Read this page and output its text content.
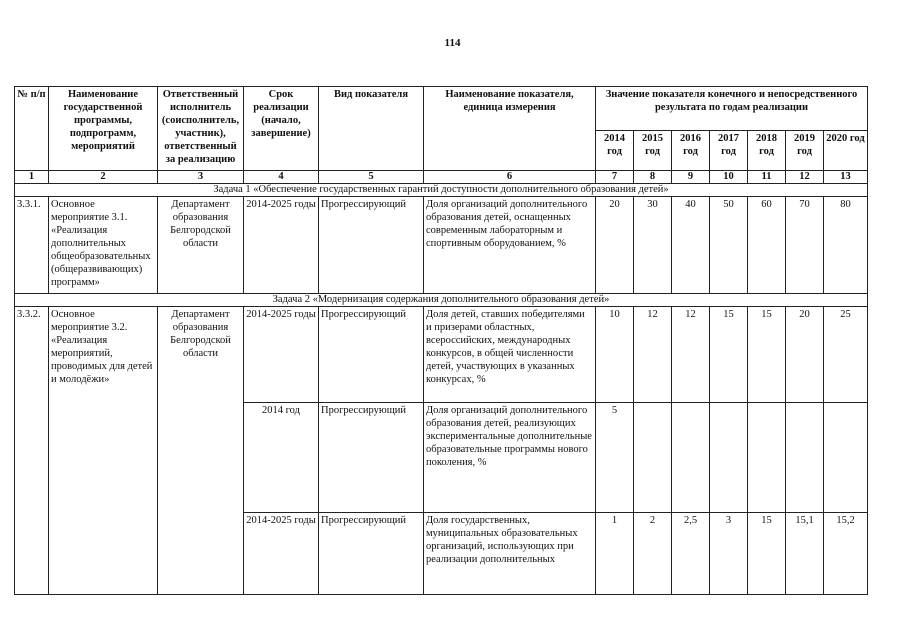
114
№ п/п	Наименование государственной программы, подпрограмм, мероприятий	Ответственный исполнитель (соисполнитель, участник), ответственный за реализацию	Срок реализации (начало, завершение)	Вид показателя	Наименование показателя, единица измерения	Значение показателя конечного и непосредственного результата по годам реализации						
						2014 год	2015 год	2016 год	2017 год	2018 год	2019 год	2020 год
1	2	3	4	5	6	7	8	9	10	11	12	13
Задача 1 «Обеспечение государственных гарантий доступности дополнительного образования детей»												
3.3.1.	Основное мероприятие 3.1. «Реализация дополнительных общеобразовательных (общеразвивающих) программ»	Департамент образования Белгородской области	2014-2025 годы	Прогрессирующий	Доля организаций дополнительного образования детей, оснащенных современным лабораторным и спортивным оборудованием, %	20	30	40	50	60	70	80
Задача 2 «Модернизация содержания дополнительного образования детей»												
3.3.2.	Основное мероприятие 3.2. «Реализация мероприятий, проводимых для детей и молодёжи»	Департамент образования Белгородской области	2014-2025 годы	Прогрессирующий	Доля детей, ставших победителями и призерами областных, всероссийских, международных конкурсов, в общей численности детей, участвующих в указанных конкурсах, %	10	12	12	15	15	20	25
			2014 год	Прогрессирующий	Доля организаций дополнительного образования детей, реализующих экспериментальные дополнительные образовательные программы нового поколения, %	5						
			2014-2025 годы	Прогрессирующий	Доля государственных, муниципальных образовательных организаций, использующих при реализации дополнительных	1	2	2,5	3	15	15,1	15,2
